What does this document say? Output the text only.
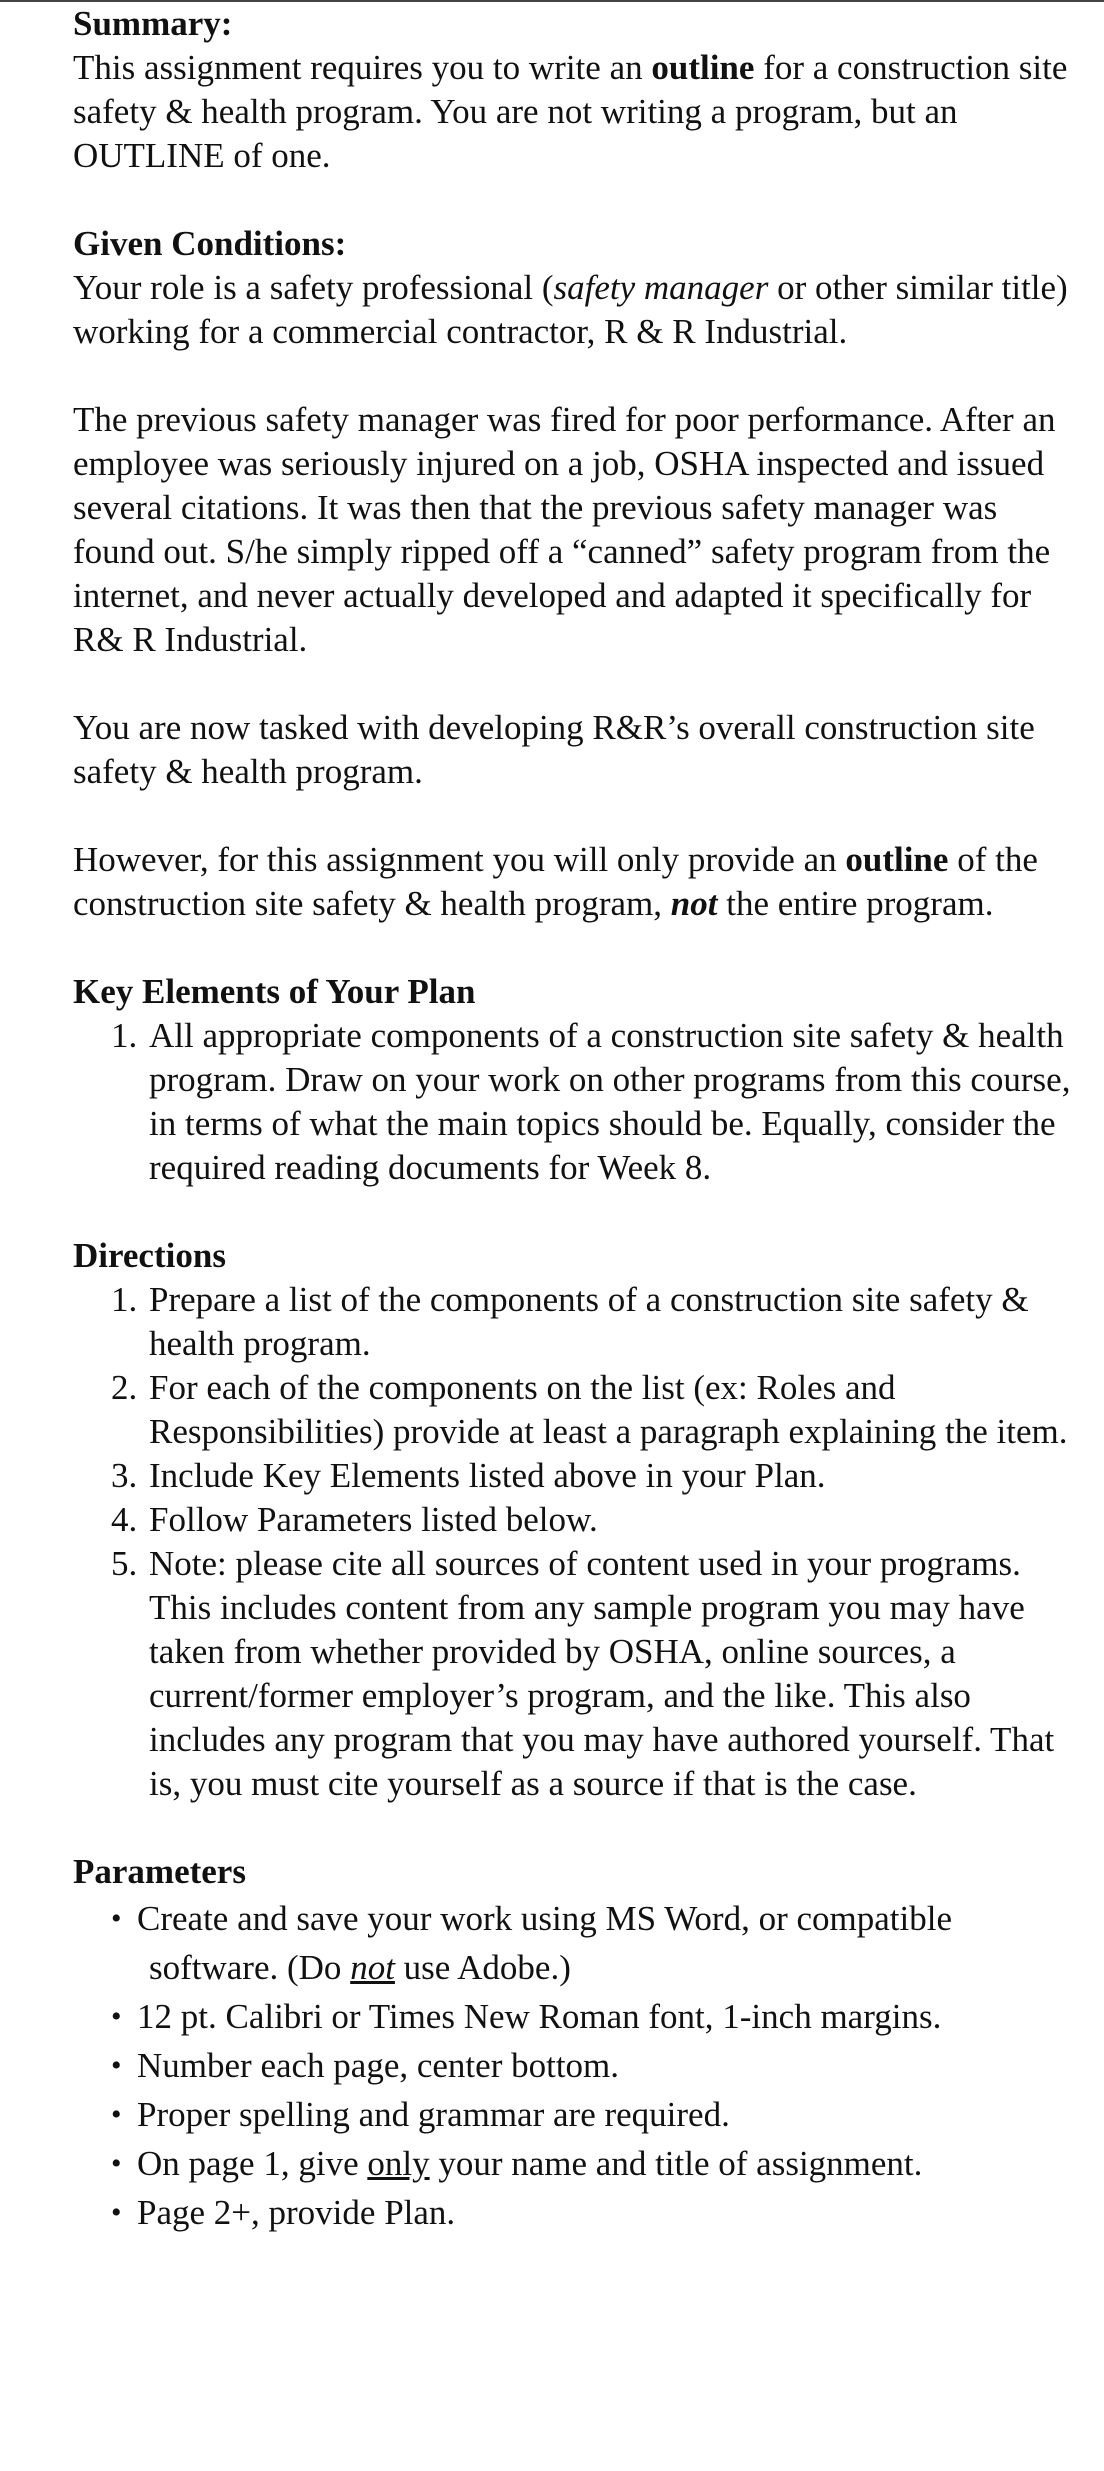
Summary:

This assignment requires you to write an outline for a construction site safety & health program. You are not writing a program, but an OUTLINE of one.

Given Conditions:

Your role is a safety professional (safety manager or other similar title) working for a commercial contractor, R & R Industrial.

The previous safety manager was fired for poor performance. After an employee was seriously injured on a job, OSHA inspected and issued several citations. It was then that the previous safety manager was found out. S/he simply ripped off a “canned” safety program from the internet, and never actually developed and adapted it specifically for R& R Industrial.

You are now tasked with developing R&R’s overall construction site safety & health program.

However, for this assignment you will only provide an outline of the construction site safety & health program, not the entire program.

Key Elements of Your Plan
1. All appropriate components of a construction site safety & health program. Draw on your work on other programs from this course, in terms of what the main topics should be. Equally, consider the required reading documents for Week 8.
Directions
1. Prepare a list of the components of a construction site safety & health program.
2. For each of the components on the list (ex: Roles and Responsibilities) provide at least a paragraph explaining the item.
3. Include Key Elements listed above in your Plan.
4. Follow Parameters listed below.
5. Note: please cite all sources of content used in your programs. This includes content from any sample program you may have taken from whether provided by OSHA, online sources, a current/former employer’s program, and the like. This also includes any program that you may have authored yourself. That is, you must cite yourself as a source if that is the case.
Parameters
• Create and save your work using MS Word, or compatible
software. (Do not use Adobe.)
• 12 pt. Calibri or Times New Roman font, 1-inch margins.
• Number each page, center bottom.
• Proper spelling and grammar are required.
• On page 1, give only your name and title of assignment.
• Page 2+, provide Plan.
